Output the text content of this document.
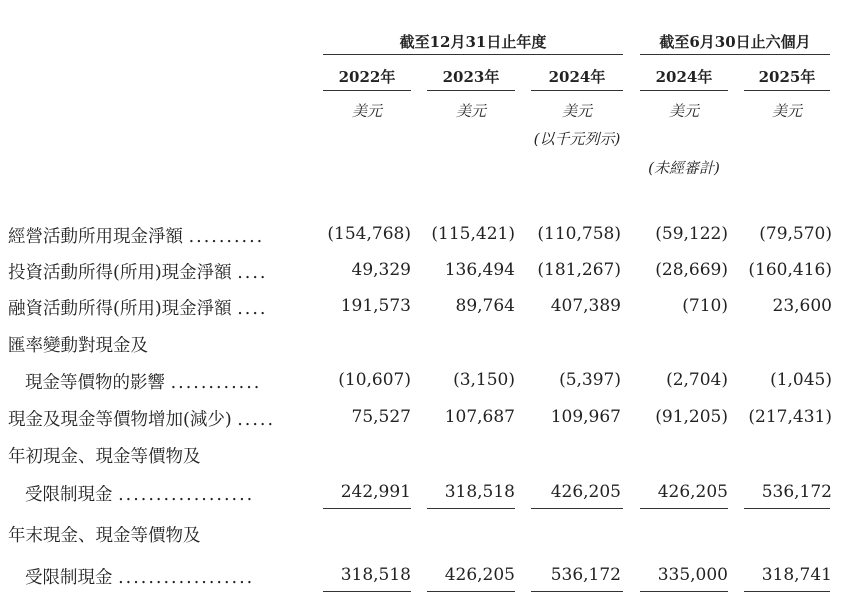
截至12月31日止年度	截至6月30日止六個月
2022年	2023年	2024年	2024年	2025年
美元	美元	美元	美元	美元
(以千元列示)
(未經審計)
經營活動所用現金淨額 ..........	(154,768)	(115,421)	(110,758)	(59,122)	(79,570)
投資活動所得(所用)現金淨額 ....	49,329	136,494	(181,267)	(28,669)	(160,416)
融資活動所得(所用)現金淨額 ....	191,573	89,764	407,389	(710)	23,600
匯率變動對現金及
現金等價物的影響 ............	(10,607)	(3,150)	(5,397)	(2,704)	(1,045)
現金及現金等價物增加(減少) .....	75,527	107,687	109,967	(91,205)	(217,431)
年初現金、現金等價物及
受限制現金 ..................	242,991	318,518	426,205	426,205	536,172
年末現金、現金等價物及
受限制現金 ..................	318,518	426,205	536,172	335,000	318,741
